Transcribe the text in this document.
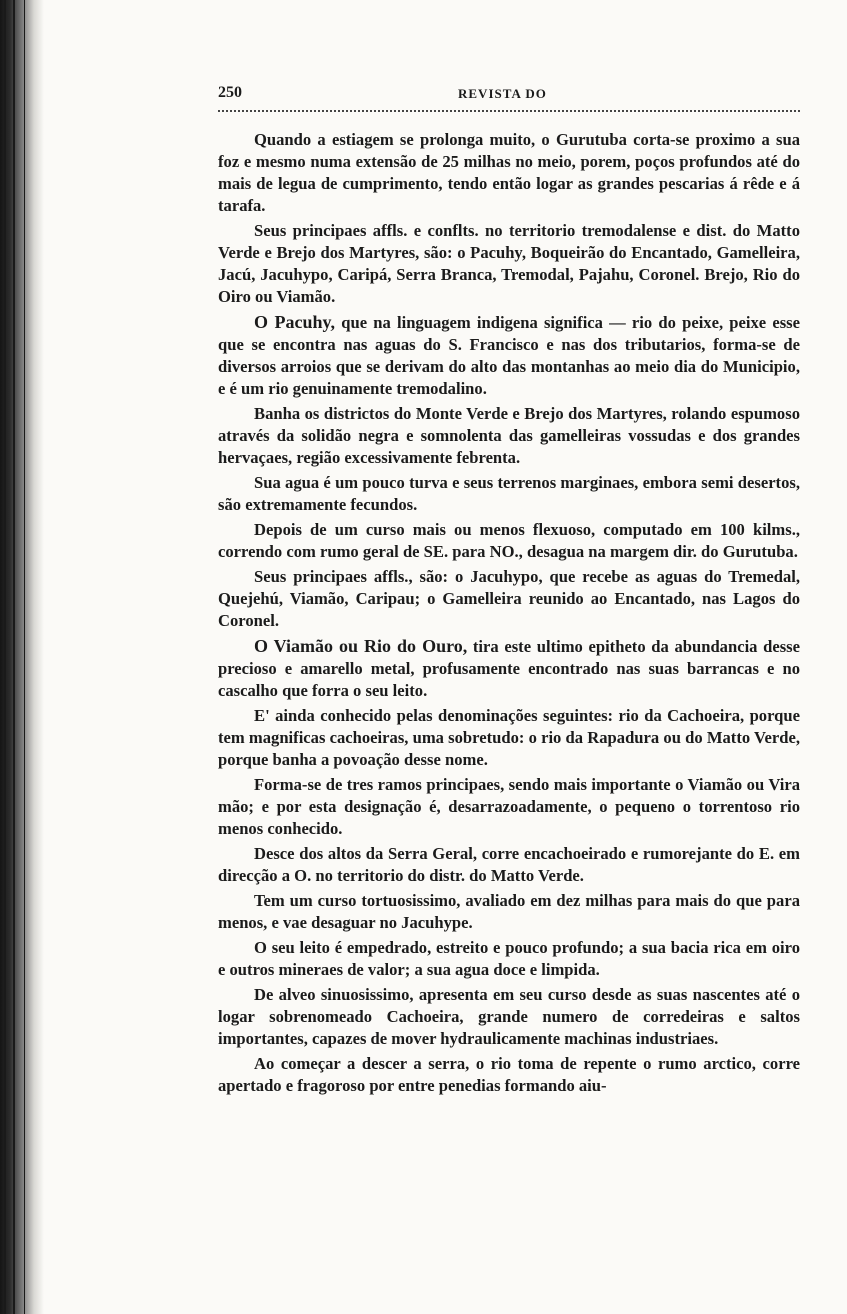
250	REVISTA DO

Quando a estiagem se prolonga muito, o Gurutuba corta-se proximo a sua foz e mesmo numa extensão de 25 milhas no meio, porem, poços profundos até do mais de legua de cumprimento, tendo então logar as grandes pescarias á rêde e á tarafa.

Seus principaes affls. e conflts. no territorio tremodalense e dist. do Matto Verde e Brejo dos Martyres, são: o Pacuhy, Boqueirão do Encantado, Gamelleira, Jacú, Jacuhypo, Caripá, Serra Branca, Tremodal, Pajahu, Coronel. Brejo, Rio do Oiro ou Viamão.

O Pacuhy, que na linguagem indigena significa — rio do peixe, peixe esse que se encontra nas aguas do S. Francisco e nas dos tributarios, forma-se de diversos arroios que se derivam do alto das montanhas ao meio dia do Municipio, e é um rio genuinamente tremodalino.

Banha os districtos do Monte Verde e Brejo dos Martyres, rolando espumoso através da solidão negra e somnolenta das gamelleiras vossudas e dos grandes hervaçaes, região excessivamente febrenta.

Sua agua é um pouco turva e seus terrenos marginaes, embora semi desertos, são extremamente fecundos.

Depois de um curso mais ou menos flexuoso, computado em 100 kilms., correndo com rumo geral de SE. para NO., desagua na margem dir. do Gurutuba.

Seus principaes affls., são: o Jacuhypo, que recebe as aguas do Tremedal, Quejehú, Viamão, Caripau; o Gamelleira reunido ao Encantado, nas Lagos do Coronel.

O Viamão ou Rio do Ouro, tira este ultimo epitheto da abundancia desse precioso e amarello metal, profusamente encontrado nas suas barrancas e no cascalho que forra o seu leito.

E' ainda conhecido pelas denominações seguintes: rio da Cachoeira, porque tem magnificas cachoeiras, uma sobretudo: o rio da Rapadura ou do Matto Verde, porque banha a povoação desse nome.

Forma-se de tres ramos principaes, sendo mais importante o Viamão ou Vira mão; e por esta designação é, desarrazoadamente, o pequeno o torrentoso rio menos conhecido.

Desce dos altos da Serra Geral, corre encachoeirado e rumorejante do E. em direcção a O. no territorio do distr. do Matto Verde.

Tem um curso tortuosissimo, avaliado em dez milhas para mais do que para menos, e vae desaguar no Jacuhype.

O seu leito é empedrado, estreito e pouco profundo; a sua bacia rica em oiro e outros mineraes de valor; a sua agua doce e limpida.

De alveo sinuosissimo, apresenta em seu curso desde as suas nascentes até o logar sobrenomeado Cachoeira, grande numero de corredeiras e saltos importantes, capazes de mover hydraulicamente machinas industriaes.

Ao começar a descer a serra, o rio toma de repente o rumo arctico, corre apertado e fragoroso por entre penedias formando aiu-
